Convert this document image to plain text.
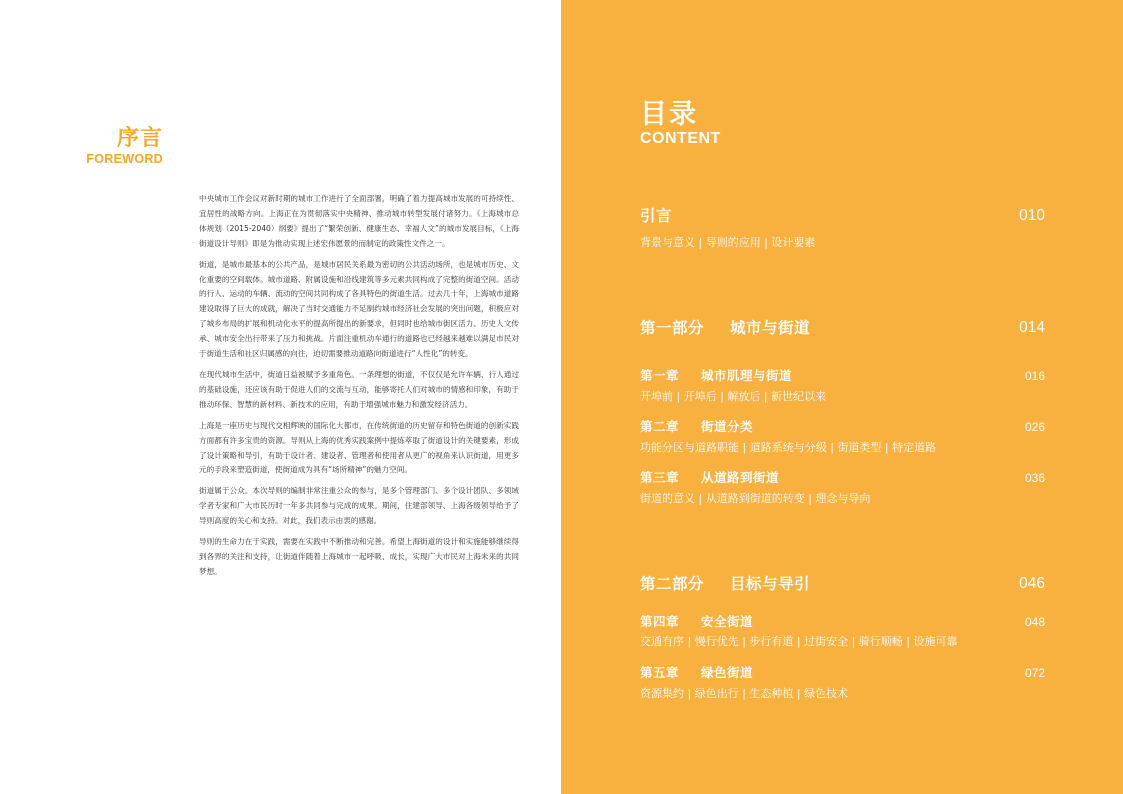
序言
FOREWORD

中央城市工作会议对新时期的城市工作进行了全面部署，明确了着力提高城市发展的可持续性、宜居性的战略方向。上海正在为贯彻落实中央精神、推动城市转型发展付诸努力。《上海城市总体规划（2015-2040）纲要》提出了“繁荣创新、健康生态、幸福人文”的城市发展目标，《上海街道设计导则》即是为推动实现上述宏伟愿景的而制定的政策性文件之一。

街道，是城市最基本的公共产品，是城市居民关系最为密切的公共活动场所，也是城市历史、文化重要的空间载体。城市道路、附属设施和沿线建筑等多元素共同构成了完整的街道空间。活动的行人、运动的车辆、流动的空间共同构成了各具特色的街道生活。过去几十年，上海城市道路建设取得了巨大的成就，解决了当时交通能力不足制约城市经济社会发展的突出问题，积极应对了城乡布局的扩展和机动化水平的提高所提出的新要求，但同时也给城市街区活力、历史人文传承、城市安全出行带来了压力和挑战。片面注重机动车通行的道路也已经越来越难以满足市民对于街道生活和社区归属感的向往，迫切需要推动道路向街道进行“人性化”的转变。

在现代城市生活中，街道日益被赋予多重角色。一条理想的街道，不仅仅是允许车辆、行人通过的基础设施，还应该有助于促进人们的交流与互动，能够寄托人们对城市的情感和印象，有助于推动环保、智慧的新材料、新技术的应用，有助于增强城市魅力和激发经济活力。

上海是一座历史与现代交相辉映的国际化大都市，在传统街道的历史留存和特色街道的创新实践方面都有许多宝贵的资源。导则从上海的优秀实践案例中提炼萃取了街道设计的关键要素，形成了设计策略和导引，有助于设计者、建设者、管理者和使用者从更广的视角来认识街道，用更多元的手段来塑造街道，使街道成为具有“场所精神”的魅力空间。

街道属于公众。本次导则的编制非常注重公众的参与，是多个管理部门、多个设计团队、多领域学者专家和广大市民历时一年多共同参与完成的成果。期间，住建部领导、上海各级领导给予了导则高度的关心和支持。对此，我们表示由衷的感谢。

导则的生命力在于实践，需要在实践中不断推动和完善。希望上海街道的设计和实施能够继续得到各界的关注和支持，让街道伴随着上海城市一起呼吸、成长，实现广大市民对上海未来的共同梦想。

目录
CONTENT
引言	010
背景与意义 | 导则的应用 | 设计要素
第一部分 城市与街道	014
第一章 城市肌理与街道	016
开埠前 | 开埠后 | 解放后 | 新世纪以来
第二章 街道分类	026
功能分区与道路职能 | 道路系统与分级 | 街道类型 | 特定道路
第三章 从道路到街道	036
街道的意义 | 从道路到街道的转变 | 理念与导向
第二部分 目标与导引	046
第四章 安全街道	048
交通有序 | 慢行优先 | 步行有道 | 过街安全 | 骑行顺畅 | 设施可靠
第五章 绿色街道	072
资源集约 | 绿色出行 | 生态种植 | 绿色技术
